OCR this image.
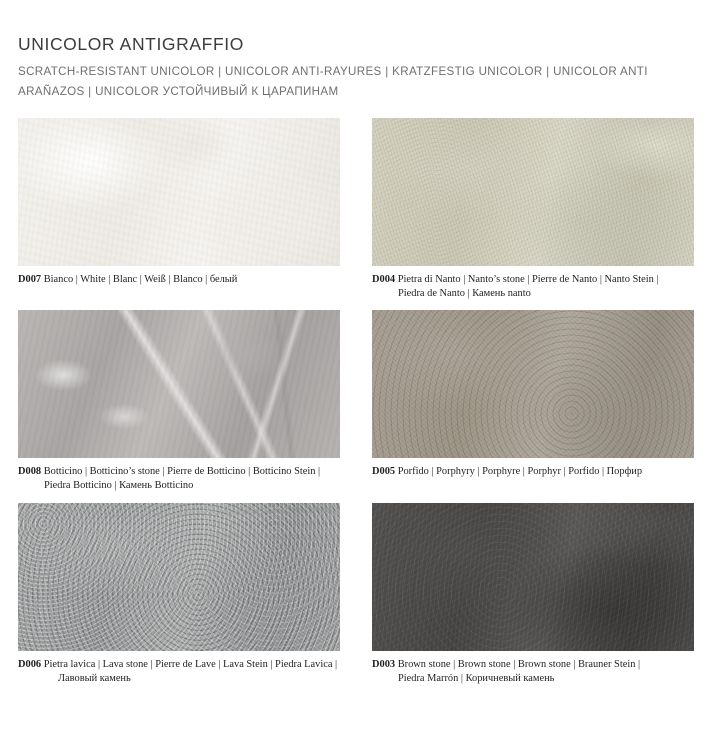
UNICOLOR ANTIGRAFFIO

SCRATCH-RESISTANT UNICOLOR | UNICOLOR ANTI-RAYURES | KRATZFESTIG UNICOLOR | UNICOLOR ANTI ARAÑAZOS | UNICOLOR УСТОЙЧИВЫЙ К ЦАРАПИНАМ

D007 Bianco | White | Blanc | Weiß | Blanco | белый	D004 Pietra di Nanto | Nanto’s stone | Pierre de Nanto | Nanto Stein |
Piedra de Nanto | Камень nanto
D008 Botticino | Botticino’s stone | Pierre de Botticino | Botticino Stein |
Piedra Botticino | Камень Botticino
D005 Porfido | Porphyry | Porphyre | Porphyr | Porfido | Порфир
D006 Pietra lavica | Lava stone | Pierre de Lave | Lava Stein | Piedra Lavica |
Лавовый камень
D003 Brown stone | Brown stone | Brown stone | Brauner Stein |
Piedra Marrón | Коричневый камень
